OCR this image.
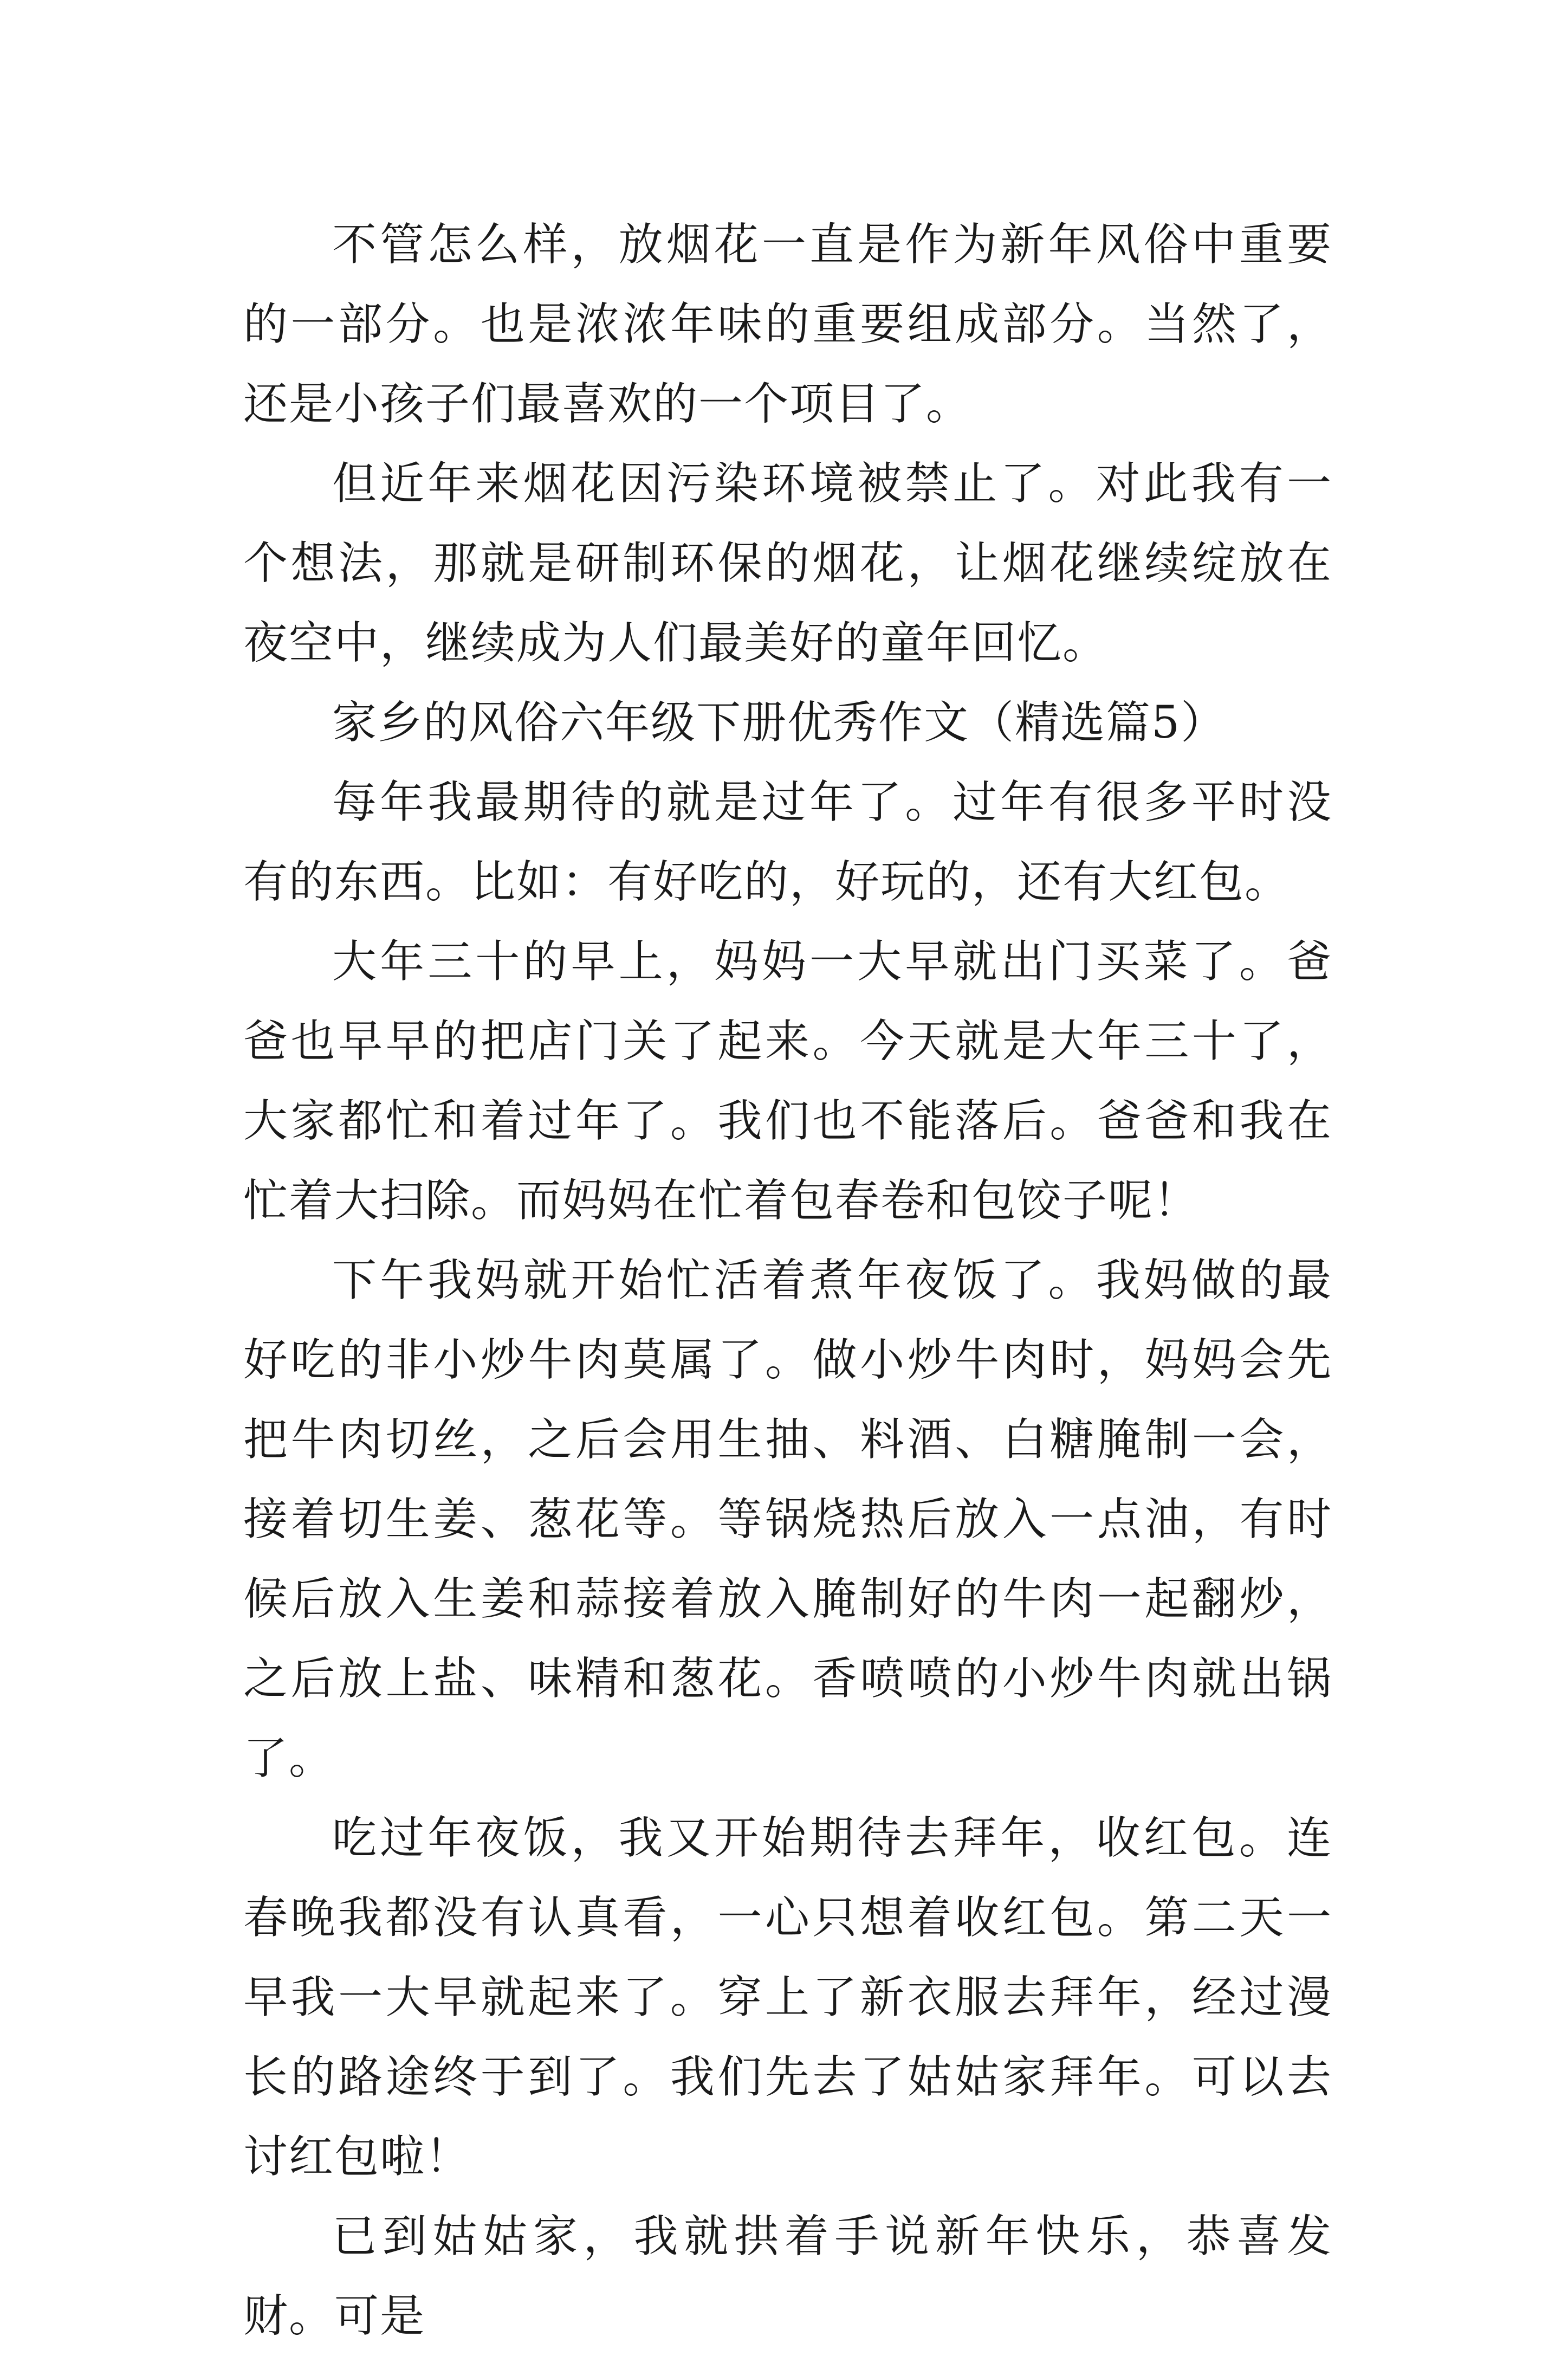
不管怎么样，放烟花一直是作为新年风俗中重要的一部分。也是浓浓年味的重要组成部分。当然了，还是小孩子们最喜欢的一个项目了。

但近年来烟花因污染环境被禁止了。对此我有一个想法，那就是研制环保的烟花，让烟花继续绽放在夜空中，继续成为人们最美好的童年回忆。

家乡的风俗六年级下册优秀作文（精选篇5）

每年我最期待的就是过年了。过年有很多平时没有的东西。比如：有好吃的，好玩的，还有大红包。

大年三十的早上，妈妈一大早就出门买菜了。爸爸也早早的把店门关了起来。今天就是大年三十了，大家都忙和着过年了。我们也不能落后。爸爸和我在忙着大扫除。而妈妈在忙着包春卷和包饺子呢！

下午我妈就开始忙活着煮年夜饭了。我妈做的最好吃的非小炒牛肉莫属了。做小炒牛肉时，妈妈会先把牛肉切丝，之后会用生抽、料酒、白糖腌制一会，接着切生姜、葱花等。等锅烧热后放入一点油，有时候后放入生姜和蒜接着放入腌制好的牛肉一起翻炒，之后放上盐、味精和葱花。香喷喷的小炒牛肉就出锅了。

吃过年夜饭，我又开始期待去拜年，收红包。连春晚我都没有认真看，一心只想着收红包。第二天一早我一大早就起来了。穿上了新衣服去拜年，经过漫长的路途终于到了。我们先去了姑姑家拜年。可以去讨红包啦！

已到姑姑家，我就拱着手说新年快乐，恭喜发财。可是
